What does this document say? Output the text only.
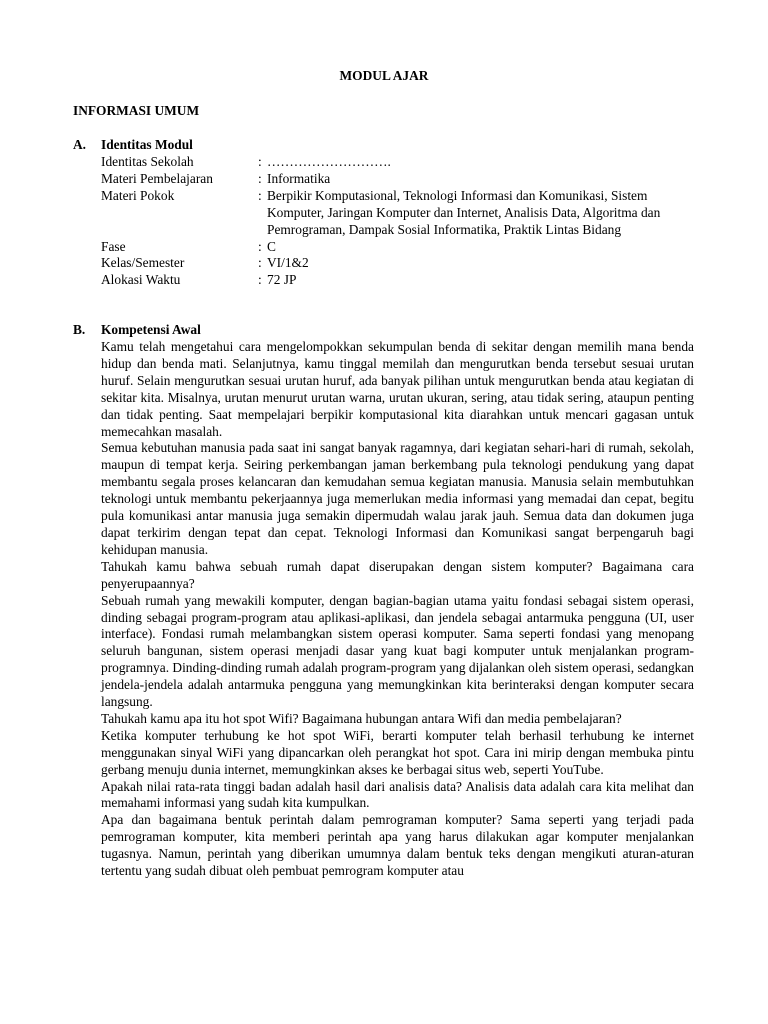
MODUL AJAR
INFORMASI UMUM
A. Identitas Modul
Identitas Sekolah	: ……………………….
Materi Pembelajaran	: Informatika
Materi Pokok	: Berpikir Komputasional, Teknologi Informasi dan Komunikasi, Sistem Komputer, Jaringan Komputer dan Internet, Analisis Data, Algoritma dan Pemrograman, Dampak Sosial Informatika, Praktik Lintas Bidang
Fase	: C
Kelas/Semester	: VI/1&2
Alokasi Waktu	: 72 JP
B. Kompetensi Awal

Kamu telah mengetahui cara mengelompokkan sekumpulan benda di sekitar dengan memilih mana benda hidup dan benda mati. Selanjutnya, kamu tinggal memilah dan mengurutkan benda tersebut sesuai urutan huruf. Selain mengurutkan sesuai urutan huruf, ada banyak pilihan untuk mengurutkan benda atau kegiatan di sekitar kita. Misalnya, urutan menurut urutan warna, urutan ukuran, sering, atau tidak sering, ataupun penting dan tidak penting. Saat mempelajari berpikir komputasional kita diarahkan untuk mencari gagasan untuk memecahkan masalah.

Semua kebutuhan manusia pada saat ini sangat banyak ragamnya, dari kegiatan sehari-hari di rumah, sekolah, maupun di tempat kerja. Seiring perkembangan jaman berkembang pula teknologi pendukung yang dapat membantu segala proses kelancaran dan kemudahan semua kegiatan manusia. Manusia selain membutuhkan teknologi untuk membantu pekerjaannya juga memerlukan media informasi yang memadai dan cepat, begitu pula komunikasi antar manusia juga semakin dipermudah walau jarak jauh. Semua data dan dokumen juga dapat terkirim dengan tepat dan cepat. Teknologi Informasi dan Komunikasi sangat berpengaruh bagi kehidupan manusia.

Tahukah kamu bahwa sebuah rumah dapat diserupakan dengan sistem komputer? Bagaimana cara penyerupaannya?

Sebuah rumah yang mewakili komputer, dengan bagian-bagian utama yaitu fondasi sebagai sistem operasi, dinding sebagai program-program atau aplikasi-aplikasi, dan jendela sebagai antarmuka pengguna (UI, user interface). Fondasi rumah melambangkan sistem operasi komputer. Sama seperti fondasi yang menopang seluruh bangunan, sistem operasi menjadi dasar yang kuat bagi komputer untuk menjalankan program-programnya. Dinding-dinding rumah adalah program-program yang dijalankan oleh sistem operasi, sedangkan jendela-jendela adalah antarmuka pengguna yang memungkinkan kita berinteraksi dengan komputer secara langsung.

Tahukah kamu apa itu hot spot Wifi? Bagaimana hubungan antara Wifi dan media pembelajaran?

Ketika komputer terhubung ke hot spot WiFi, berarti komputer telah berhasil terhubung ke internet menggunakan sinyal WiFi yang dipancarkan oleh perangkat hot spot. Cara ini mirip dengan membuka pintu gerbang menuju dunia internet, memungkinkan akses ke berbagai situs web, seperti YouTube.

Apakah nilai rata-rata tinggi badan adalah hasil dari analisis data? Analisis data adalah cara kita melihat dan memahami informasi yang sudah kita kumpulkan.

Apa dan bagaimana bentuk perintah dalam pemrograman komputer? Sama seperti yang terjadi pada pemrograman komputer, kita memberi perintah apa yang harus dilakukan agar komputer menjalankan tugasnya. Namun, perintah yang diberikan umumnya dalam bentuk teks dengan mengikuti aturan-aturan tertentu yang sudah dibuat oleh pembuat pemrogram komputer atau
